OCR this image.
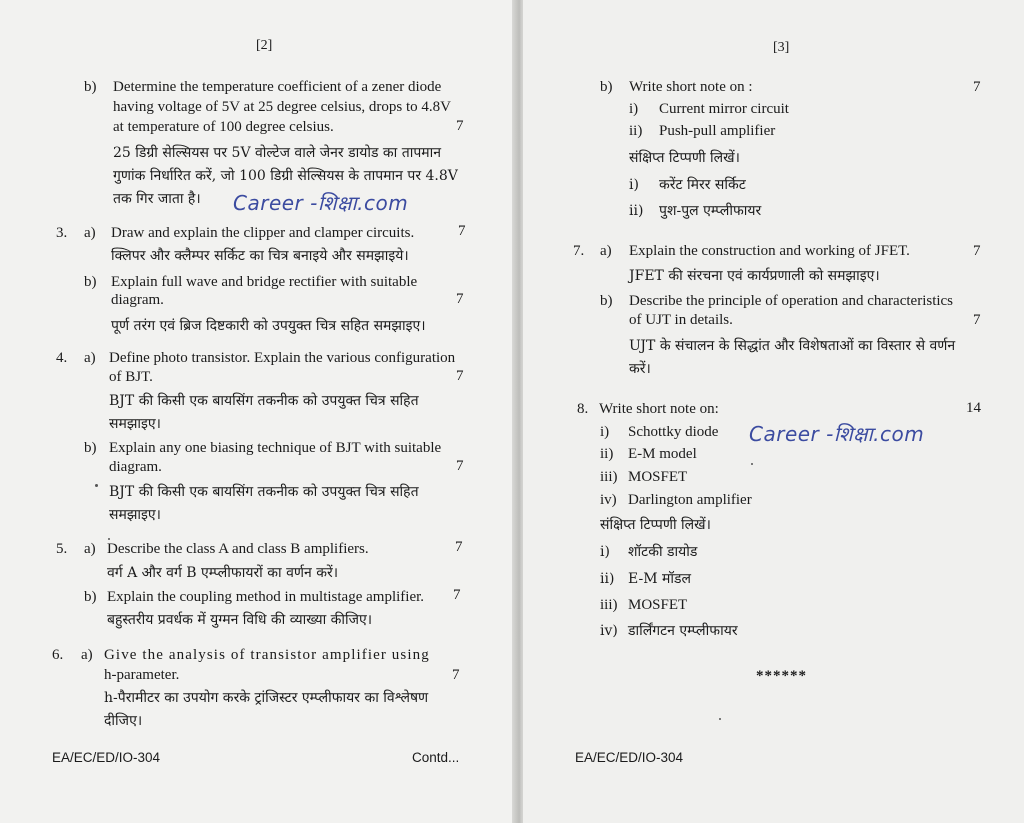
[2]
b) Determine the temperature coefficient of a zener diode
having voltage of 5V at 25 degree celsius, drops to 4.8V
at temperature of 100 degree celsius.	7
25 डिग्री सेल्सियस पर 5V वोल्टेज वाले जेनर डायोड का तापमान
गुणांक निर्धारित करें, जो 100 डिग्री सेल्सियस के तापमान पर 4.8V
तक गिर जाता है। Career -शिक्षा.com
3. a) Draw and explain the clipper and clamper circuits.	7
क्लिपर और क्लैम्पर सर्किट का चित्र बनाइये और समझाइये।
b) Explain full wave and bridge rectifier with suitable
diagram.	7
पूर्ण तरंग एवं ब्रिज दिष्टकारी को उपयुक्त चित्र सहित समझाइए।
4. a) Define photo transistor. Explain the various configuration
of BJT.	7
BJT की किसी एक बायसिंग तकनीक को उपयुक्त चित्र सहित
समझाइए।
b) Explain any one biasing technique of BJT with suitable
diagram.	7
BJT की किसी एक बायसिंग तकनीक को उपयुक्त चित्र सहित
समझाइए।
5. a) Describe the class A and class B amplifiers.	7
वर्ग A और वर्ग B एम्प्लीफायरों का वर्णन करें।
b) Explain the coupling method in multistage amplifier. 7
बहुस्तरीय प्रवर्धक में युग्मन विधि की व्याख्या कीजिए।
6. a) Give the analysis of transistor amplifier using
h-parameter.	7
h-पैरामीटर का उपयोग करके ट्रांजिस्टर एम्प्लीफायर का विश्लेषण
दीजिए।
EA/EC/ED/IO-304	Contd...
[3]
b) Write short note on :	7
i) Current mirror circuit
ii) Push-pull amplifier
संक्षिप्त टिप्पणी लिखें।
i) करेंट मिरर सर्किट
ii) पुश-पुल एम्प्लीफायर
7. a) Explain the construction and working of JFET.	7
JFET की संरचना एवं कार्यप्रणाली को समझाइए।
b) Describe the principle of operation and characteristics
of UJT in details.	7
UJT के संचालन के सिद्धांत और विशेषताओं का विस्तार से वर्णन
करें।
8. Write short note on:	14
i) Schottky diode Career -शिक्षा.com
ii) E-M model
iii) MOSFET
iv) Darlington amplifier
संक्षिप्त टिप्पणी लिखें।
i) शॉटकी डायोड
ii) E-M मॉडल
iii) MOSFET
iv) डार्लिंगटन एम्प्लीफायर
******
EA/EC/ED/IO-304
